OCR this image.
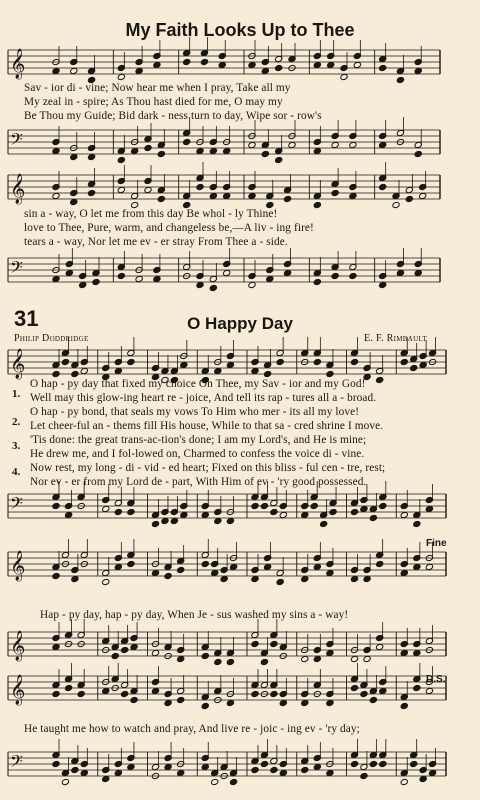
My Faith Looks Up to Thee
𝄞
𝄢
𝄞
𝄢
𝄞
𝄢
𝄞
𝄞
𝄞
𝄢
Sav - ior di - vine; Now hear me when I pray, Take all my
My zeal in - spire; As Thou hast died for me, O may my
Be Thou my Guide; Bid dark - ness turn to day, Wipe sor - row's
sin a - way, O let me from this day Be whol - ly Thine!
love to Thee, Pure, warm, and changeless be,—A liv - ing fire!
tears a - way, Nor let me ev - er stray From Thee a - side.
31	O Happy Day
Philip Doddridge	E. F. Rimbault
1.
2.
3.
4.
O hap - py day that fixed my choice On Thee, my Sav - ior and my God!
Well may this glow-ing heart re - joice, And tell its rap - tures all a - broad.
O hap - py bond, that seals my vows To Him who mer - its all my love!
Let cheer-ful an - thems fill His house, While to that sa - cred shrine I move.
'Tis done: the great trans-ac-tion's done; I am my Lord's, and He is mine;
He drew me, and I fol-lowed on, Charmed to confess the voice di - vine.
Now rest, my long - di - vid - ed heart; Fixed on this bliss - ful cen - tre, rest;
Nor ev - er from my Lord de - part, With Him of ev - 'ry good possessed.
Fine
Hap - py day, hap - py day, When Je - sus washed my sins a - way!
D.S.
He taught me how to watch and pray, And live re - joic - ing ev - 'ry day;
